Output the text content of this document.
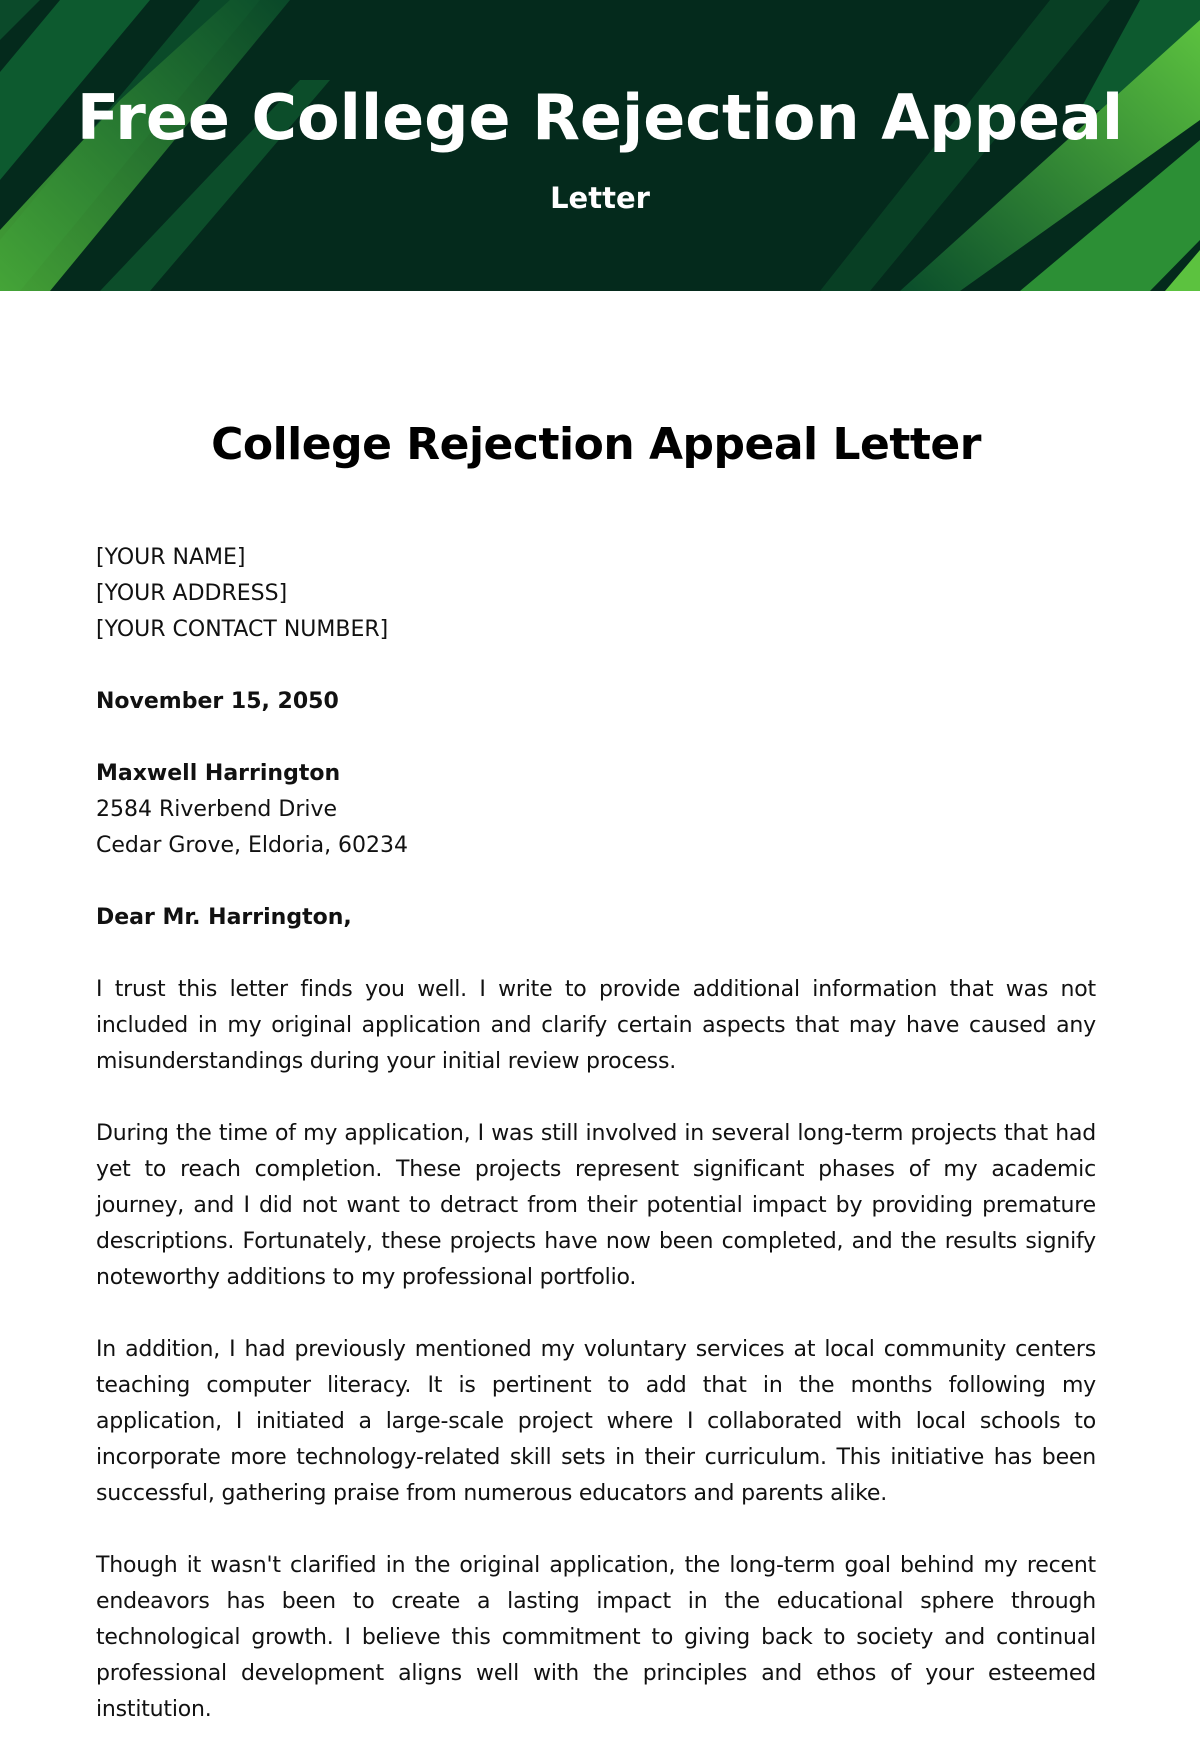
Free College Rejection Appeal
Letter
College Rejection Appeal Letter

[YOUR NAME]

[YOUR ADDRESS]

[YOUR CONTACT NUMBER]

November 15, 2050

Maxwell Harrington

2584 Riverbend Drive

Cedar Grove, Eldoria, 60234

Dear Mr. Harrington,

I trust this letter finds you well. I write to provide additional information that was not included in my original application and clarify certain aspects that may have caused any misunderstandings during your initial review process.

During the time of my application, I was still involved in several long-term projects that had yet to reach completion. These projects represent significant phases of my academic journey, and I did not want to detract from their potential impact by providing premature descriptions. Fortunately, these projects have now been completed, and the results signify noteworthy additions to my professional portfolio.

In addition, I had previously mentioned my voluntary services at local community centers teaching computer literacy. It is pertinent to add that in the months following my application, I initiated a large-scale project where I collaborated with local schools to incorporate more technology-related skill sets in their curriculum. This initiative has been successful, gathering praise from numerous educators and parents alike.

Though it wasn't clarified in the original application, the long-term goal behind my recent endeavors has been to create a lasting impact in the educational sphere through technological growth. I believe this commitment to giving back to society and continual professional development aligns well with the principles and ethos of your esteemed institution.
